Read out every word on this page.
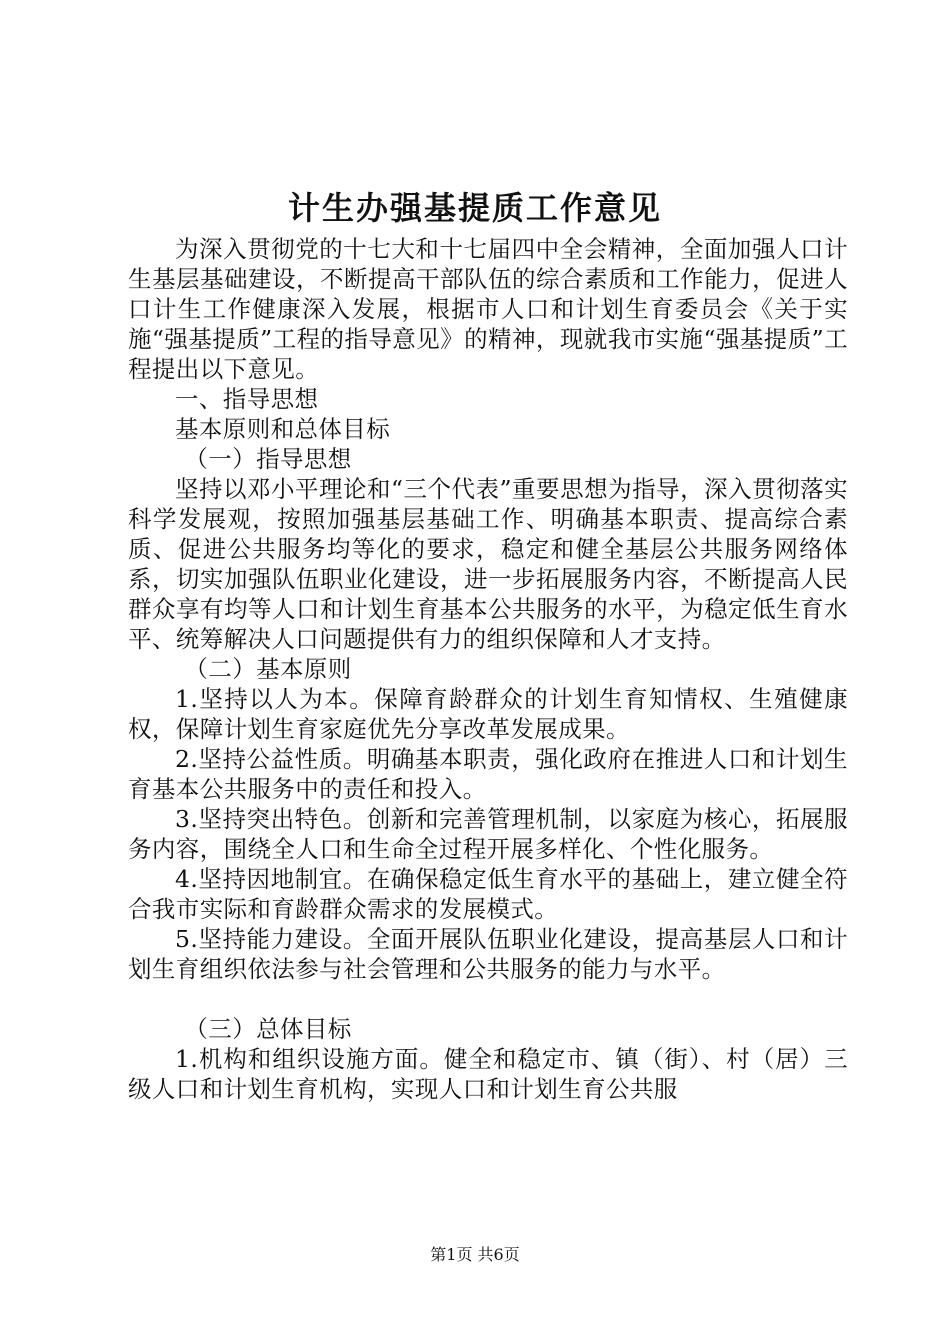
计生办强基提质工作意见

为深入贯彻党的十七大和十七届四中全会精神，全面加强人口计生基层基础建设，不断提高干部队伍的综合素质和工作能力，促进人口计生工作健康深入发展，根据市人口和计划生育委员会《关于实施“强基提质”工程的指导意见》的精神，现就我市实施“强基提质”工程提出以下意见。

一、指导思想

基本原则和总体目标

（一）指导思想

坚持以邓小平理论和“三个代表”重要思想为指导，深入贯彻落实科学发展观，按照加强基层基础工作、明确基本职责、提高综合素质、促进公共服务均等化的要求，稳定和健全基层公共服务网络体系，切实加强队伍职业化建设，进一步拓展服务内容，不断提高人民群众享有均等人口和计划生育基本公共服务的水平，为稳定低生育水平、统筹解决人口问题提供有力的组织保障和人才支持。

（二）基本原则

1.坚持以人为本。保障育龄群众的计划生育知情权、生殖健康权，保障计划生育家庭优先分享改革发展成果。

2.坚持公益性质。明确基本职责，强化政府在推进人口和计划生育基本公共服务中的责任和投入。

3.坚持突出特色。创新和完善管理机制，以家庭为核心，拓展服务内容，围绕全人口和生命全过程开展多样化、个性化服务。

4.坚持因地制宜。在确保稳定低生育水平的基础上，建立健全符合我市实际和育龄群众需求的发展模式。

5.坚持能力建设。全面开展队伍职业化建设，提高基层人口和计划生育组织依法参与社会管理和公共服务的能力与水平。

（三）总体目标

1.机构和组织设施方面。健全和稳定市、镇（街）、村（居）三级人口和计划生育机构，实现人口和计划生育公共服

第1页 共6页
